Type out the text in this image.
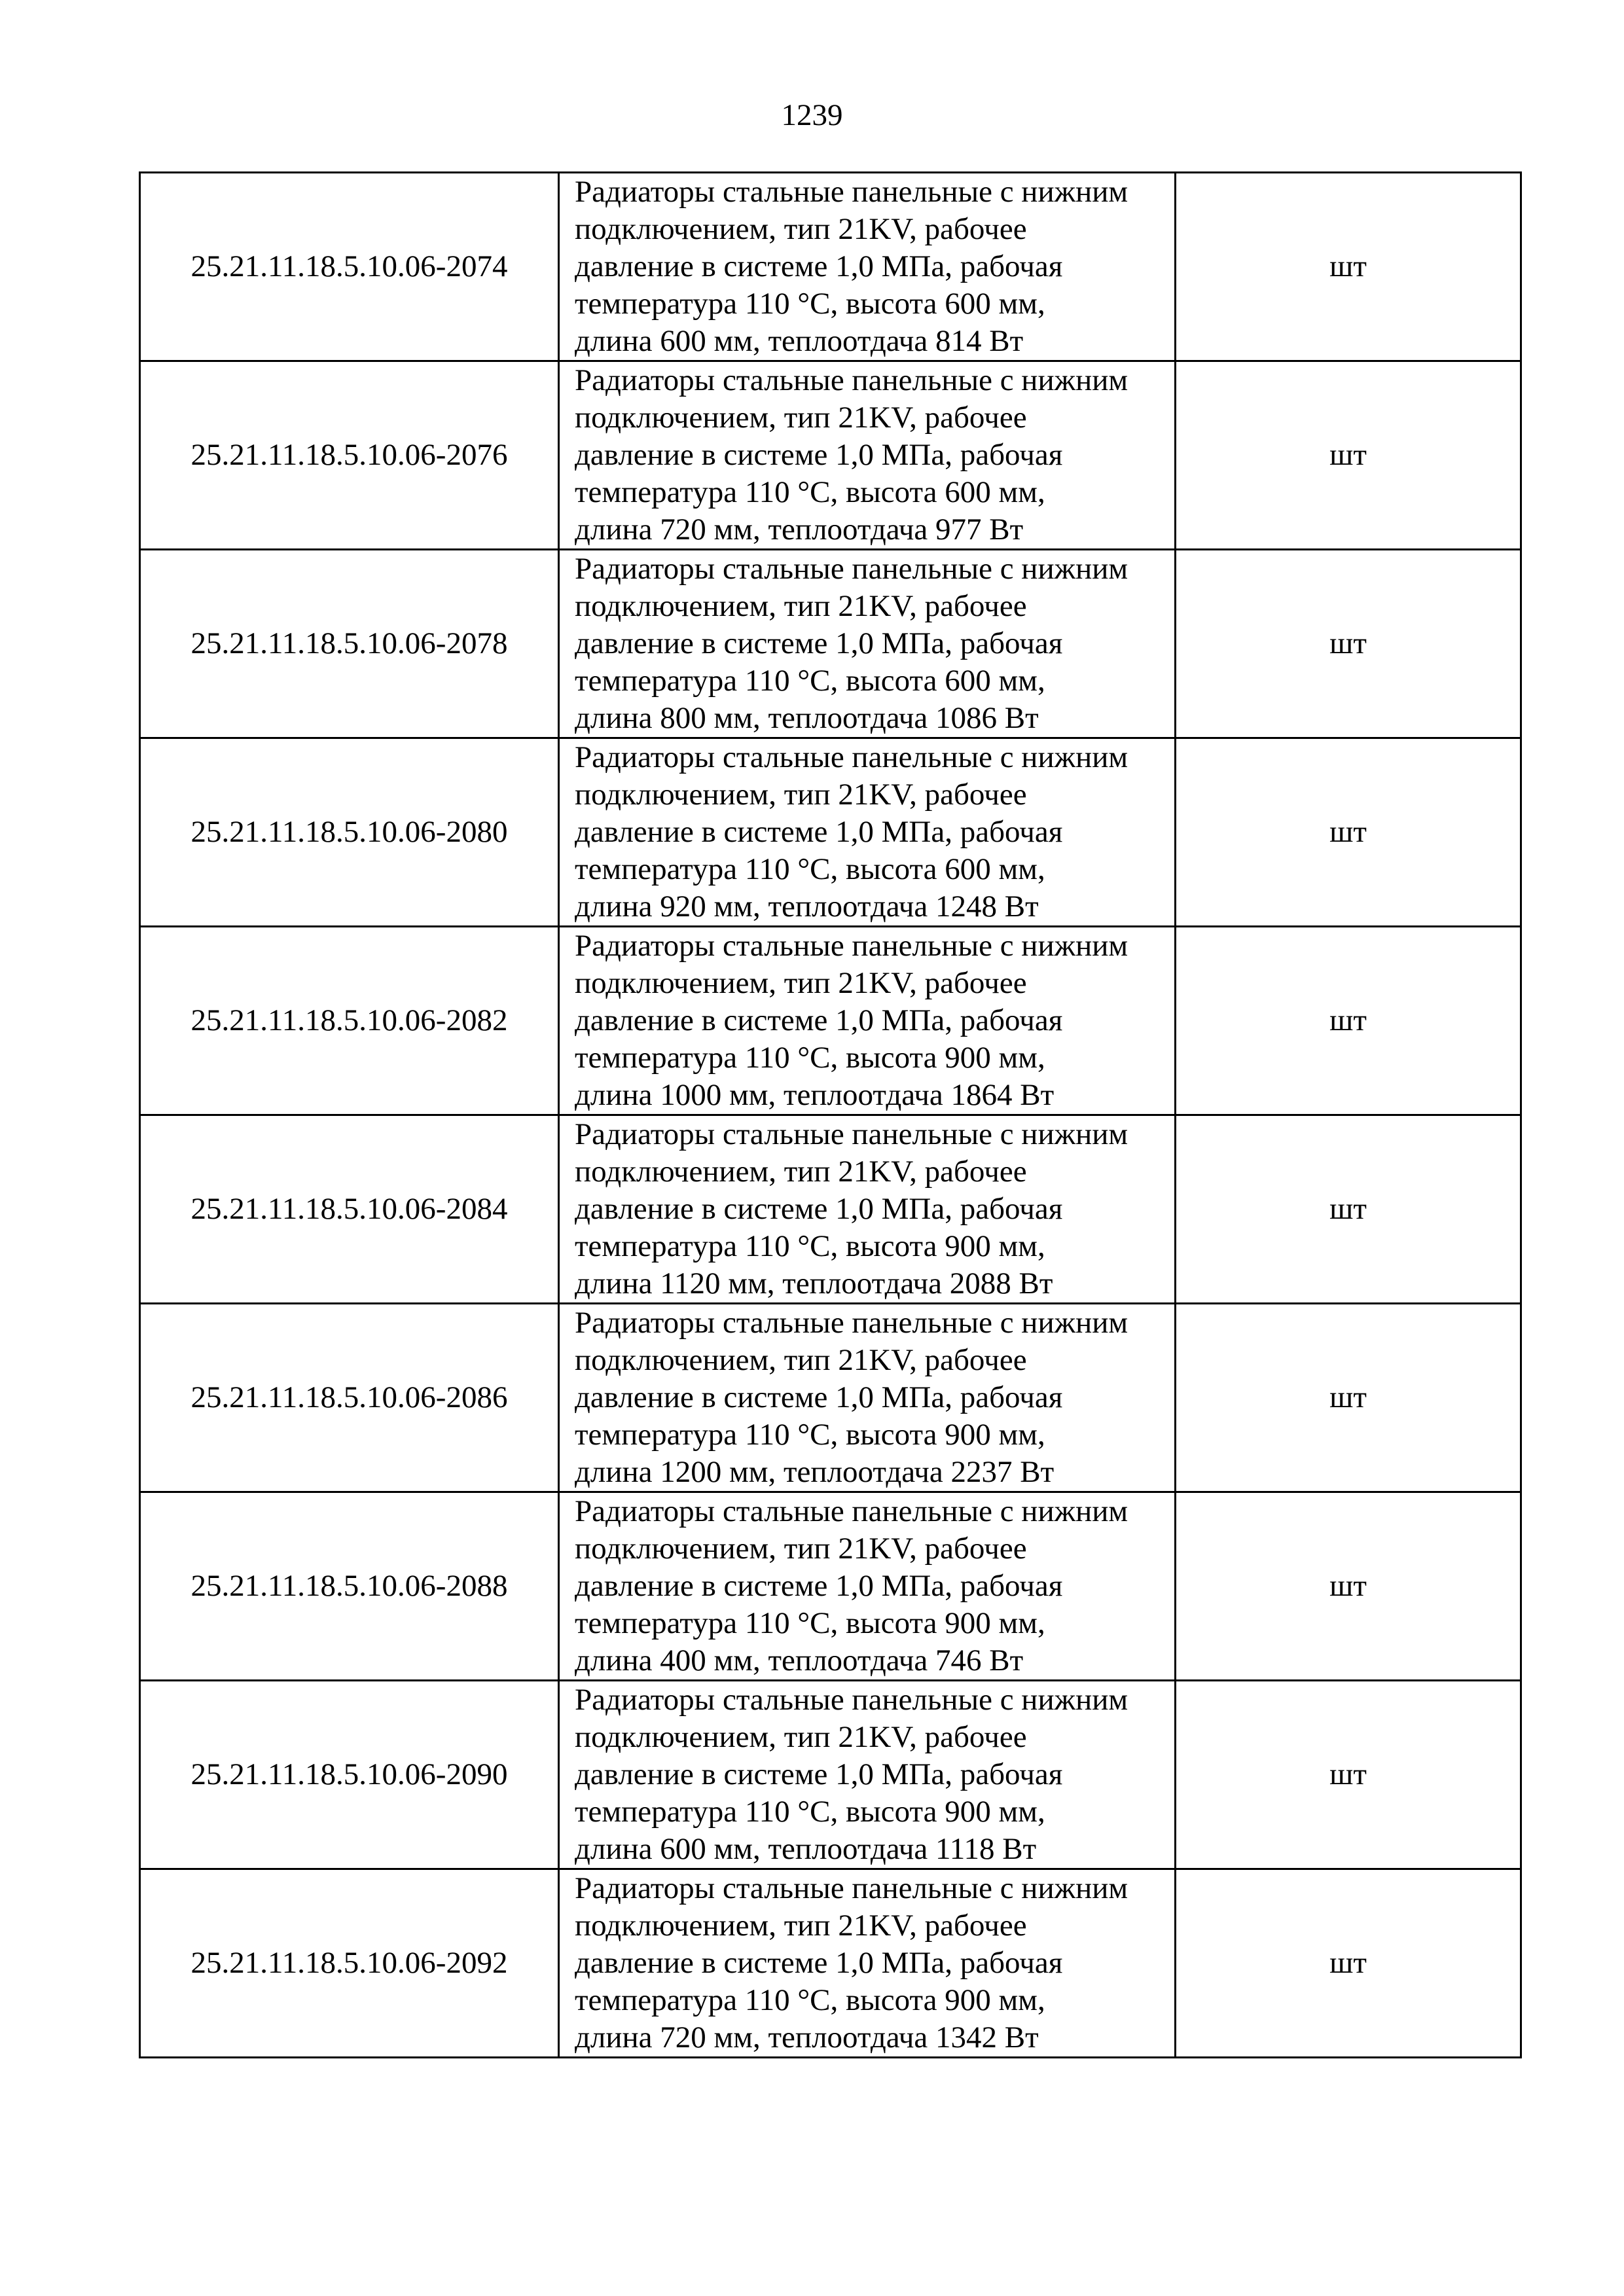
1239
25.21.11.18.5.10.06-2074	Радиаторы стальные панельные с нижним
подключением, тип 21KV, рабочее
давление в системе 1,0 МПа, рабочая
температура 110 °С, высота 600 мм,
длина 600 мм, теплоотдача 814 Вт	шт
25.21.11.18.5.10.06-2076	Радиаторы стальные панельные с нижним
подключением, тип 21KV, рабочее
давление в системе 1,0 МПа, рабочая
температура 110 °С, высота 600 мм,
длина 720 мм, теплоотдача 977 Вт	шт
25.21.11.18.5.10.06-2078	Радиаторы стальные панельные с нижним
подключением, тип 21KV, рабочее
давление в системе 1,0 МПа, рабочая
температура 110 °С, высота 600 мм,
длина 800 мм, теплоотдача 1086 Вт	шт
25.21.11.18.5.10.06-2080	Радиаторы стальные панельные с нижним
подключением, тип 21KV, рабочее
давление в системе 1,0 МПа, рабочая
температура 110 °С, высота 600 мм,
длина 920 мм, теплоотдача 1248 Вт	шт
25.21.11.18.5.10.06-2082	Радиаторы стальные панельные с нижним
подключением, тип 21KV, рабочее
давление в системе 1,0 МПа, рабочая
температура 110 °С, высота 900 мм,
длина 1000 мм, теплоотдача 1864 Вт	шт
25.21.11.18.5.10.06-2084	Радиаторы стальные панельные с нижним
подключением, тип 21KV, рабочее
давление в системе 1,0 МПа, рабочая
температура 110 °С, высота 900 мм,
длина 1120 мм, теплоотдача 2088 Вт	шт
25.21.11.18.5.10.06-2086	Радиаторы стальные панельные с нижним
подключением, тип 21KV, рабочее
давление в системе 1,0 МПа, рабочая
температура 110 °С, высота 900 мм,
длина 1200 мм, теплоотдача 2237 Вт	шт
25.21.11.18.5.10.06-2088	Радиаторы стальные панельные с нижним
подключением, тип 21KV, рабочее
давление в системе 1,0 МПа, рабочая
температура 110 °С, высота 900 мм,
длина 400 мм, теплоотдача 746 Вт	шт
25.21.11.18.5.10.06-2090	Радиаторы стальные панельные с нижним
подключением, тип 21KV, рабочее
давление в системе 1,0 МПа, рабочая
температура 110 °С, высота 900 мм,
длина 600 мм, теплоотдача 1118 Вт	шт
25.21.11.18.5.10.06-2092	Радиаторы стальные панельные с нижним
подключением, тип 21KV, рабочее
давление в системе 1,0 МПа, рабочая
температура 110 °С, высота 900 мм,
длина 720 мм, теплоотдача 1342 Вт	шт
